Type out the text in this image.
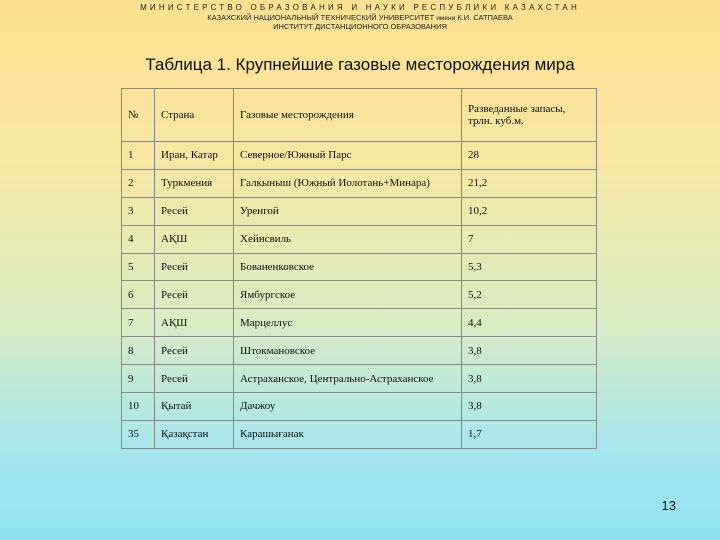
МИНИСТЕРСТВО ОБРАЗОВАНИЯ И НАУКИ РЕСПУБЛИКИ КАЗАХСТАН
КАЗАХСКИЙ НАЦИОНАЛЬНЫЙ ТЕХНИЧЕСКИЙ УНИВЕРСИТЕТ имени К.И. САТПАЕВА
ИНСТИТУТ ДИСТАНЦИОННОГО ОБРАЗОВАНИЯ
Таблица 1. Крупнейшие газовые месторождения мира
№	Страна	Газовые месторождения	Разведанные запасы, трлн. куб.м.
1	Иран, Катар	Северное/Южный Парс	28
2	Туркмения	Галкыныш (Южный Иолотань+Минара)	21,2
3	Ресей	Уренгой	10,2
4	АҚШ	Хейнсвиль	7
5	Ресей	Бованенковское	5,3
6	Ресей	Ямбургское	5,2
7	АҚШ	Марцеллус	4,4
8	Ресей	Штокмановское	3,8
9	Ресей	Астраханское, Центрально-Астраханское	3,8
10	Қытай	Дачжоу	3,8
35	Қазақстан	Карашығанак	1,7
13
